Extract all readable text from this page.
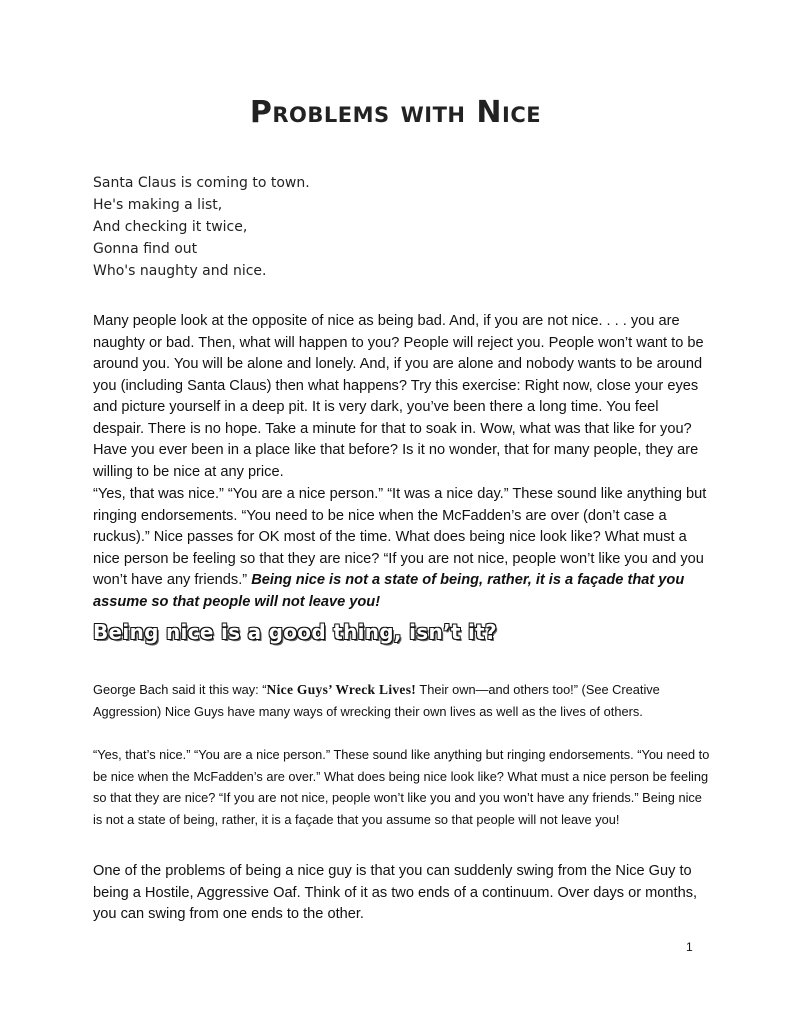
Problems with Nice
Santa Claus is coming to town.
He's making a list,
And checking it twice,
Gonna find out
Who's naughty and nice.
Many people look at the opposite of nice as being bad. And, if you are not nice. . . . you are naughty or bad. Then, what will happen to you? People will reject you. People won’t want to be around you. You will be alone and lonely. And, if you are alone and nobody wants to be around you (including Santa Claus) then what happens? Try this exercise: Right now, close your eyes and picture yourself in a deep pit. It is very dark, you’ve been there a long time. You feel despair. There is no hope. Take a minute for that to soak in. Wow, what was that like for you? Have you ever been in a place like that before? Is it no wonder, that for many people, they are willing to be nice at any price.
“Yes, that was nice.” “You are a nice person.” “It was a nice day.” These sound like anything but ringing endorsements. “You need to be nice when the McFadden’s are over (don’t case a ruckus).” Nice passes for OK most of the time. What does being nice look like? What must a nice person be feeling so that they are nice? “If you are not nice, people won’t like you and you won’t have any friends.” Being nice is not a state of being, rather, it is a façade that you assume so that people will not leave you!
Being nice is a good thing, isn’t it?
George Bach said it this way: “Nice Guys’ Wreck Lives! Their own—and others too!” (See Creative Aggression) Nice Guys have many ways of wrecking their own lives as well as the lives of others.
“Yes, that’s nice.” “You are a nice person.” These sound like anything but ringing endorsements. “You need to be nice when the McFadden’s are over.” What does being nice look like? What must a nice person be feeling so that they are nice? “If you are not nice, people won’t like you and you won’t have any friends.” Being nice is not a state of being, rather, it is a façade that you assume so that people will not leave you!
One of the problems of being a nice guy is that you can suddenly swing from the Nice Guy to being a Hostile, Aggressive Oaf. Think of it as two ends of a continuum. Over days or months, you can swing from one ends to the other.
1
